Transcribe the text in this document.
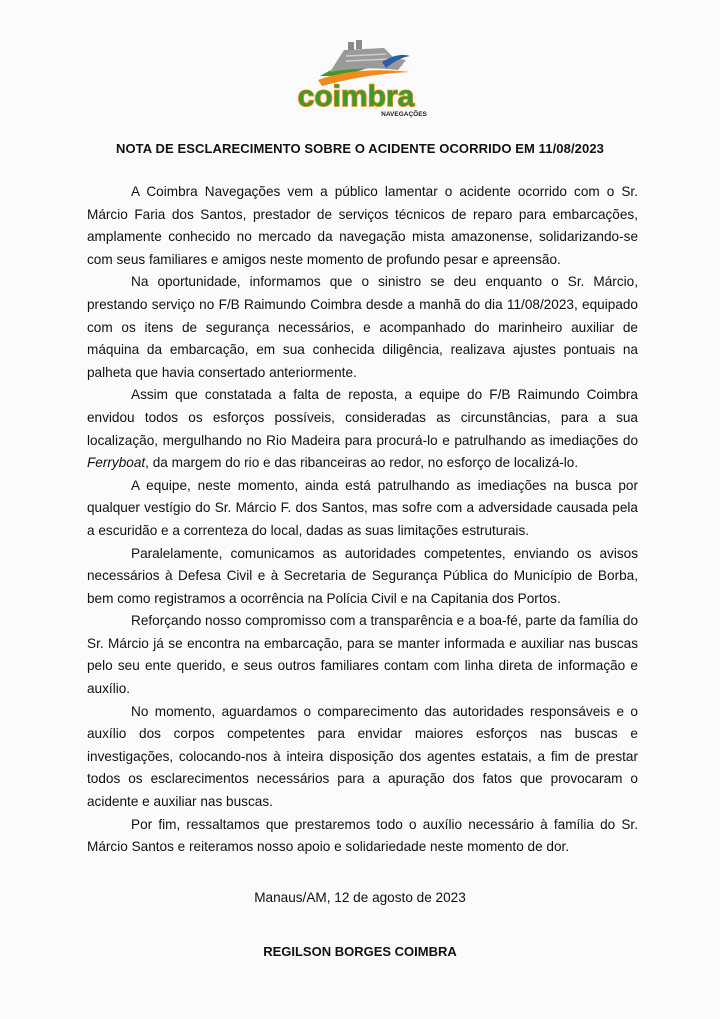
coimbra
NAVEGAÇÕES
NOTA DE ESCLARECIMENTO SOBRE O ACIDENTE OCORRIDO EM 11/08/2023

A Coimbra Navegações vem a público lamentar o acidente ocorrido com o Sr. Márcio Faria dos Santos, prestador de serviços técnicos de reparo para embarcações, amplamente conhecido no mercado da navegação mista amazonense, solidarizando-se com seus familiares e amigos neste momento de profundo pesar e apreensão.

Na oportunidade, informamos que o sinistro se deu enquanto o Sr. Márcio, prestando serviço no F/B Raimundo Coimbra desde a manhã do dia 11/08/2023, equipado com os itens de segurança necessários, e acompanhado do marinheiro auxiliar de máquina da embarcação, em sua conhecida diligência, realizava ajustes pontuais na palheta que havia consertado anteriormente.

Assim que constatada a falta de reposta, a equipe do F/B Raimundo Coimbra envidou todos os esforços possíveis, consideradas as circunstâncias, para a sua localização, mergulhando no Rio Madeira para procurá-lo e patrulhando as imediações do Ferryboat, da margem do rio e das ribanceiras ao redor, no esforço de localizá-lo.

A equipe, neste momento, ainda está patrulhando as imediações na busca por qualquer vestígio do Sr. Márcio F. dos Santos, mas sofre com a adversidade causada pela a escuridão e a correnteza do local, dadas as suas limitações estruturais.

Paralelamente, comunicamos as autoridades competentes, enviando os avisos necessários à Defesa Civil e à Secretaria de Segurança Pública do Município de Borba, bem como registramos a ocorrência na Polícia Civil e na Capitania dos Portos.

Reforçando nosso compromisso com a transparência e a boa-fé, parte da família do Sr. Márcio já se encontra na embarcação, para se manter informada e auxiliar nas buscas pelo seu ente querido, e seus outros familiares contam com linha direta de informação e auxílio.

No momento, aguardamos o comparecimento das autoridades responsáveis e o auxílio dos corpos competentes para envidar maiores esforços nas buscas e investigações, colocando-nos à inteira disposição dos agentes estatais, a fim de prestar todos os esclarecimentos necessários para a apuração dos fatos que provocaram o acidente e auxiliar nas buscas.

Por fim, ressaltamos que prestaremos todo o auxílio necessário à família do Sr. Márcio Santos e reiteramos nosso apoio e solidariedade neste momento de dor.

Manaus/AM, 12 de agosto de 2023
REGILSON BORGES COIMBRA
